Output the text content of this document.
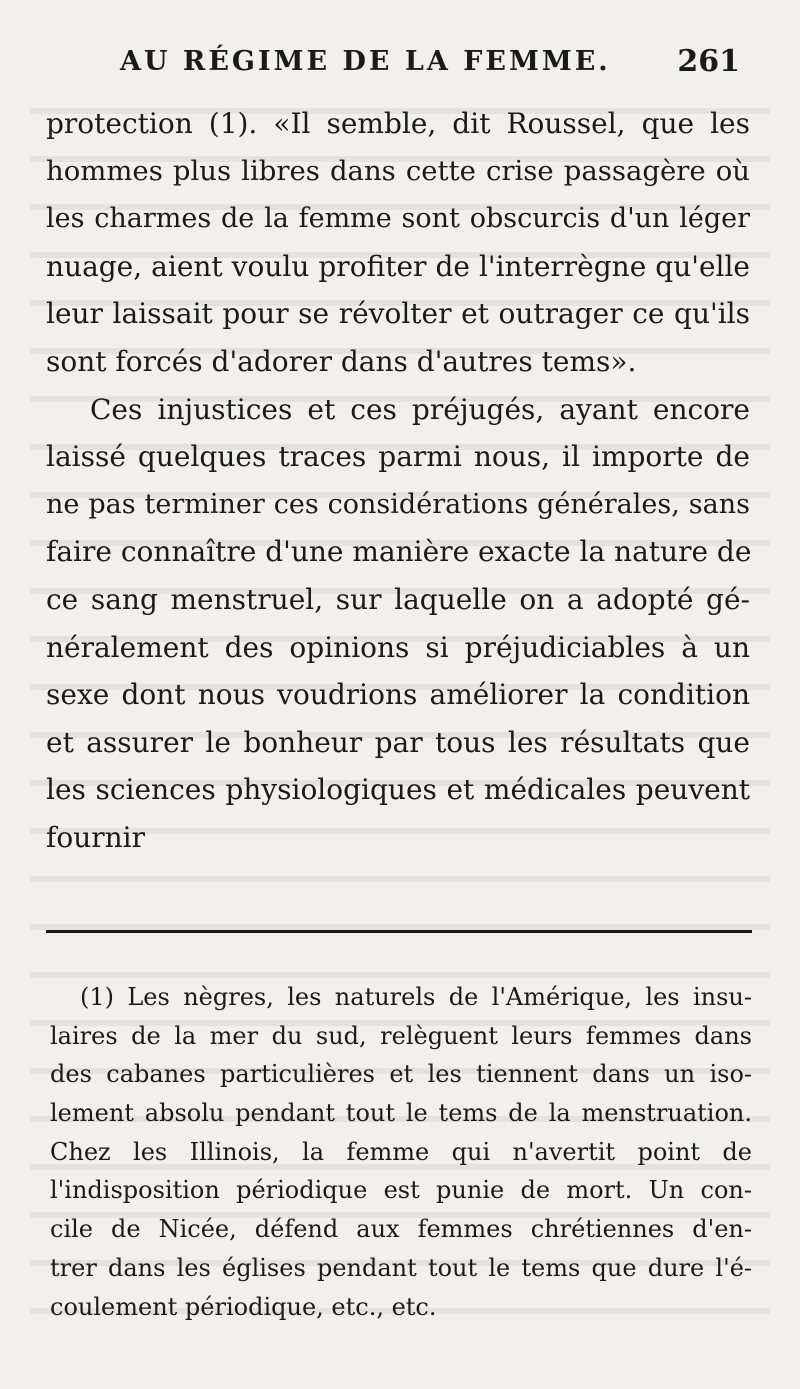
AU RÉGIME DE LA FEMME. 261
protection (1). «Il semble, dit Roussel, que les
hommes plus libres dans cette crise passagère où
les charmes de la femme sont obscurcis d'un léger
nuage, aient voulu profiter de l'interrègne qu'elle
leur laissait pour se révolter et outrager ce qu'ils
sont forcés d'adorer dans d'autres tems».
Ces injustices et ces préjugés, ayant encore
laissé quelques traces parmi nous, il importe de
ne pas terminer ces considérations générales, sans
faire connaître d'une manière exacte la nature de
ce sang menstruel, sur laquelle on a adopté gé-
néralement des opinions si préjudiciables à un
sexe dont nous voudrions améliorer la condition
et assurer le bonheur par tous les résultats que
les sciences physiologiques et médicales peuvent
fournir
(1) Les nègres, les naturels de l'Amérique, les insu-
laires de la mer du sud, relèguent leurs femmes dans
des cabanes particulières et les tiennent dans un iso-
lement absolu pendant tout le tems de la menstruation.
Chez les Illinois, la femme qui n'avertit point de
l'indisposition périodique est punie de mort. Un con-
cile de Nicée, défend aux femmes chrétiennes d'en-
trer dans les églises pendant tout le tems que dure l'é-
coulement périodique, etc., etc.
